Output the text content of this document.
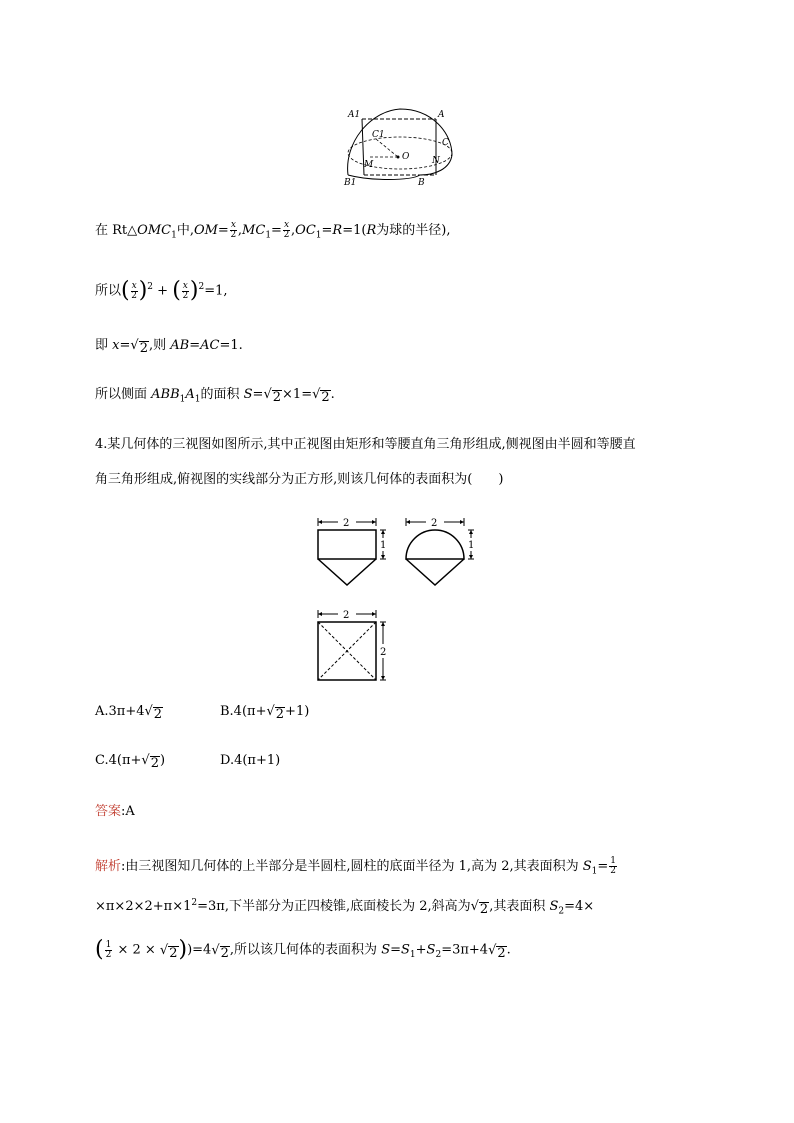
A1	A
C1
C
O
M	N
B1	B
在 $Rt\triangle OMC_1$中$,OM= \frac{x}{2} ,MC_1= \frac{x}{2} ,OC_1=R=1(R$为球的半径),
所以( $\frac{x}{2} )^2$ + ( $\frac{x}{2} )^2=1$,
即 x= √ 2 ,则 AB=AC=1.
所以侧面 $ABB_1A_1$的面积 S= √ 2 ×1= √ 2 .
4.某几何体的三视图如图所示,其中正视图由矩形和等腰直角三角形组成,侧视图由半圆和等腰直
角三角形组成,俯视图的实线部分为正方形,则该几何体的表面积为(　　)
2
1
2
1
2
2
A.3π+4 √ 2	B.4(π+ √ 2 +1)
C.4(π+ √ 2 )	D.4(π+1)
答案:A
解析:由三视图知几何体的上半部分是半圆柱,圆柱的底面半径为 1,高为 2,其表面积为 $S_1= \frac{1}{2}$
$\times\pi\times 2\times 2+\pi\times 1^2=3\pi$,下半部分为正四棱锥,底面棱长为 2,斜高为 √ 2 ,其表面积 $S_2=4\times$
( $\frac{1}{2} \times 2$ × √ 2 ))=4 √ 2 ,所以该几何体的表面积为 $S=S_1+S_2=3\pi+4$ √ 2 .
